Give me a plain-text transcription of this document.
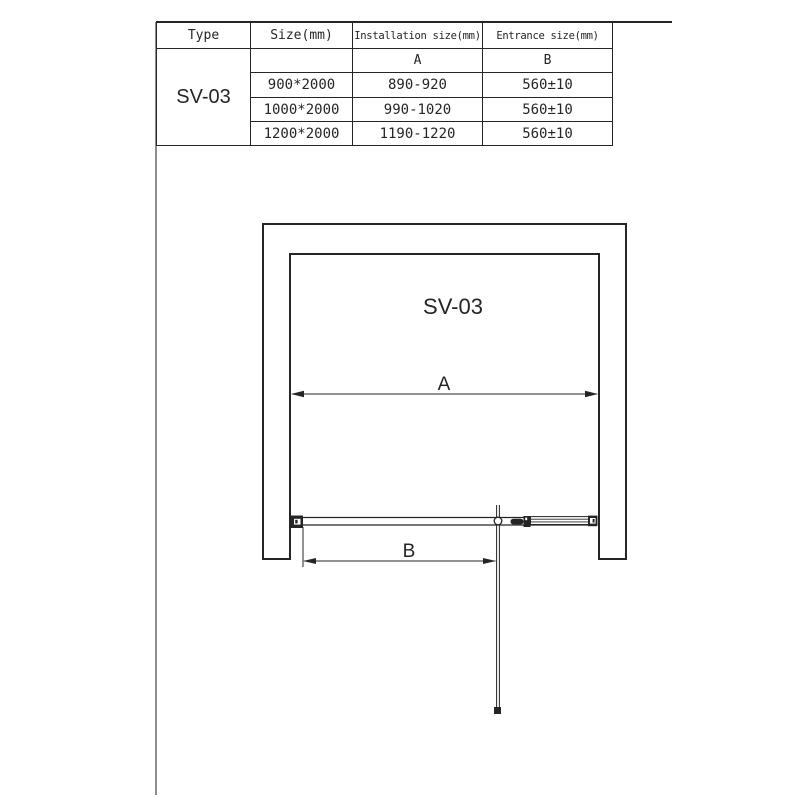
Type	Size(mm)	Installation size(mm)	Entrance size(mm)
SV-03		A	B
	900*2000	890-920	560±10
	1000*2000	990-1020	560±10
	1200*2000	1190-1220	560±10
SV-03
A
B
